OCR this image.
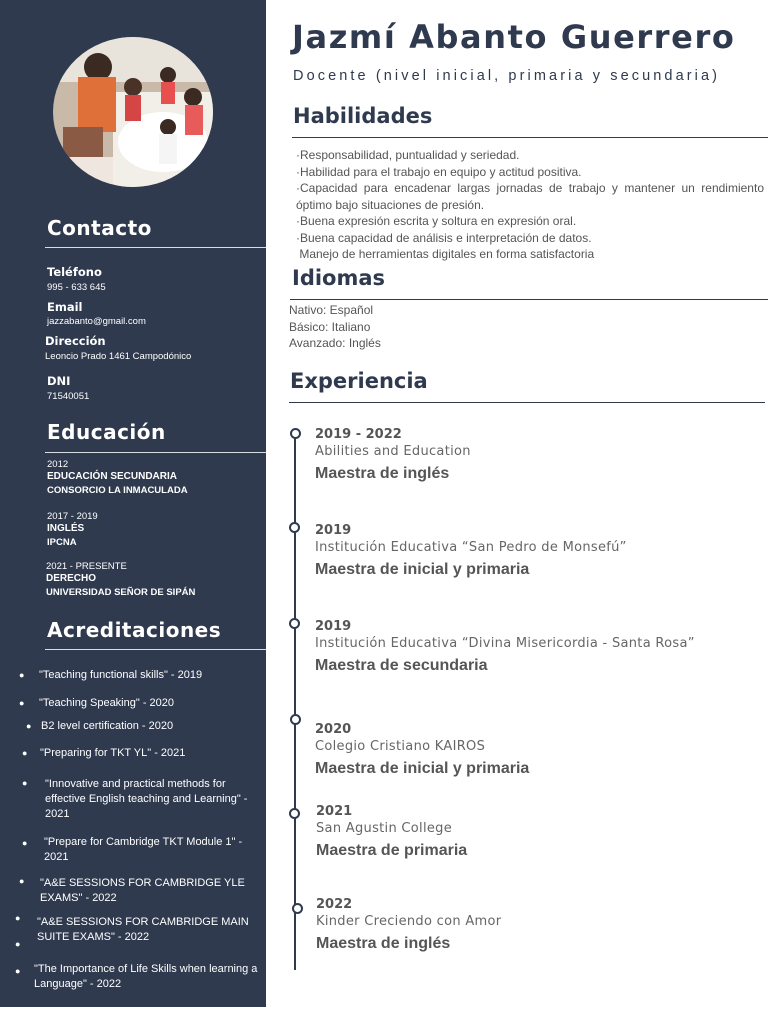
Contacto
Teléfono
995 - 633 645
Email
jazzabanto@gmail.com
Dirección
Leoncio Prado 1461 Campodónico
DNI
71540051
Educación
2012
EDUCACIÓN SECUNDARIA
CONSORCIO LA INMACULADA
2017 - 2019
INGLÉS
IPCNA
2021 - PRESENTE
DERECHO
UNIVERSIDAD SEÑOR DE SIPÁN
Acreditaciones
● "Teaching functional skills" - 2019
● "Teaching Speaking" - 2020
● B2 level certification - 2020
● "Preparing for TKT YL" - 2021
● "Innovative and practical methods for effective English teaching and Learning" - 2021
● "Prepare for Cambridge TKT Module 1" - 2021
● "A&E SESSIONS FOR CAMBRIDGE YLE EXAMS" - 2022
●
●
"A&E SESSIONS FOR CAMBRIDGE MAIN SUITE EXAMS" - 2022
● "The Importance of Life Skills when learning a Language" - 2022
Jazmí Abanto Guerrero
Docente (nivel inicial, primaria y secundaria)
Habilidades
·Responsabilidad, puntualidad y seriedad.
·Habilidad para el trabajo en equipo y actitud positiva.
·Capacidad para encadenar largas jornadas de trabajo y mantener un rendimiento óptimo bajo situaciones de presión.
·Buena expresión escrita y soltura en expresión oral.
·Buena capacidad de análisis e interpretación de datos.
Manejo de herramientas digitales en forma satisfactoria
Idiomas
Nativo: Español
Básico: Italiano
Avanzado: Inglés
Experiencia
2019 - 2022
Abilities and Education
Maestra de inglés
2019
Institución Educativa “San Pedro de Monsefú”
Maestra de inicial y primaria
2019
Institución Educativa “Divina Misericordia - Santa Rosa”
Maestra de secundaria
2020
Colegio Cristiano KAIROS
Maestra de inicial y primaria
2021
San Agustin College
Maestra de primaria
2022
Kinder Creciendo con Amor
Maestra de inglés
